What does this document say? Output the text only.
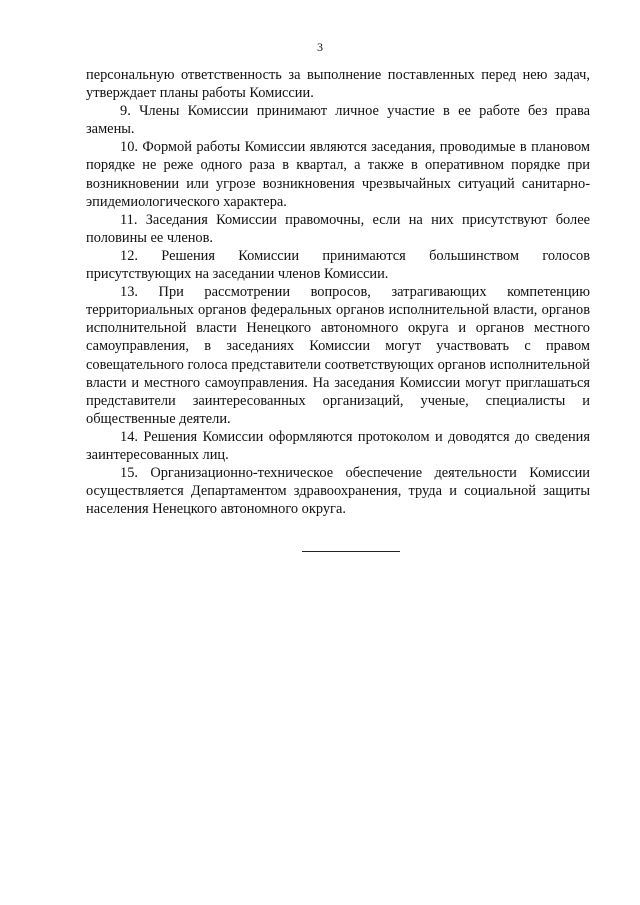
3

персональную ответственность за выполнение поставленных перед нею задач, утверждает планы работы Комиссии.

9. Члены Комиссии принимают личное участие в ее работе без права замены.

10. Формой работы Комиссии являются заседания, проводимые в плановом порядке не реже одного раза в квартал, а также в оперативном порядке при возникновении или угрозе возникновения чрезвычайных ситуаций санитарно-эпидемиологического характера.

11. Заседания Комиссии правомочны, если на них присутствуют более половины ее членов.

12. Решения Комиссии принимаются большинством голосов присутствующих на заседании членов Комиссии.

13. При рассмотрении вопросов, затрагивающих компетенцию территориальных органов федеральных органов исполнительной власти, органов исполнительной власти Ненецкого автономного округа и органов местного самоуправления, в заседаниях Комиссии могут участвовать с правом совещательного голоса представители соответствующих органов исполнительной власти и местного самоуправления. На заседания Комиссии могут приглашаться представители заинтересованных организаций, ученые, специалисты и общественные деятели.

14. Решения Комиссии оформляются протоколом и доводятся до сведения заинтересованных лиц.

15. Организационно-техническое обеспечение деятельности Комиссии осуществляется Департаментом здравоохранения, труда и социальной защиты населения Ненецкого автономного округа.
